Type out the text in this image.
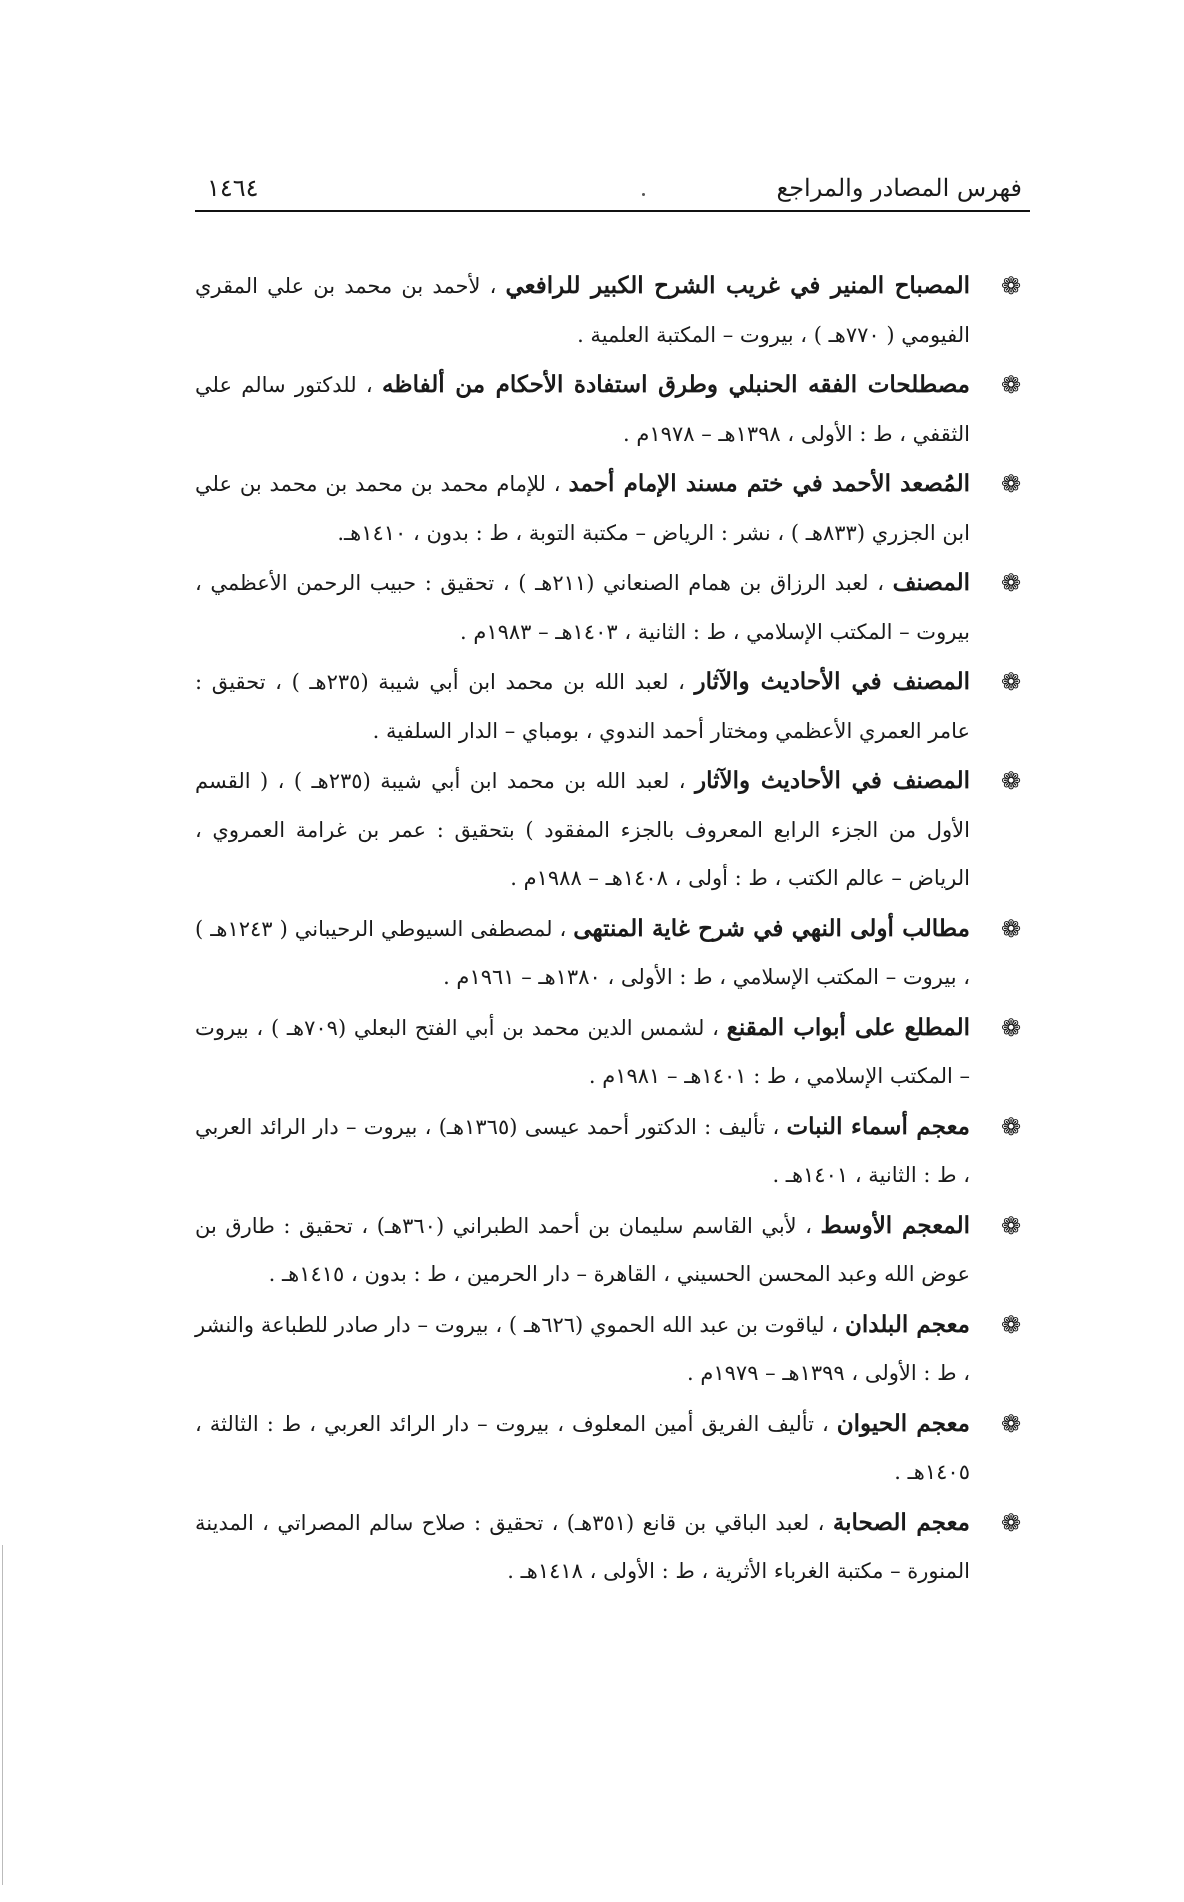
فهرس المصادر والمراجع
١٤٦٤
❁
المصباح المنير في غريب الشرح الكبير للرافعي ، لأحمد بن محمد بن علي المقري الفيومي ( ٧٧٠هـ ) ، بيروت – المكتبة العلمية .
❁
مصطلحات الفقه الحنبلي وطرق استفادة الأحكام من ألفاظه ، للدكتور سالم علي الثقفي ، ط : الأولى ، ١٣٩٨هـ – ١٩٧٨م .
❁
المُصعد الأحمد في ختم مسند الإمام أحمد ، للإمام محمد بن محمد بن محمد بن علي ابن الجزري (٨٣٣هـ ) ، نشر : الرياض – مكتبة التوبة ، ط : بدون ، ١٤١٠هـ.
❁
المصنف ، لعبد الرزاق بن همام الصنعاني (٢١١هـ ) ، تحقيق : حبيب الرحمن الأعظمي ، بيروت – المكتب الإسلامي ، ط : الثانية ، ١٤٠٣هـ – ١٩٨٣م .
❁
المصنف في الأحاديث والآثار ، لعبد الله بن محمد ابن أبي شيبة (٢٣٥هـ ) ، تحقيق : عامر العمري الأعظمي ومختار أحمد الندوي ، بومباي – الدار السلفية .
❁
المصنف في الأحاديث والآثار ، لعبد الله بن محمد ابن أبي شيبة (٢٣٥هـ ) ، ( القسم الأول من الجزء الرابع المعروف بالجزء المفقود ) بتحقيق : عمر بن غرامة العمروي ، الرياض – عالم الكتب ، ط : أولى ، ١٤٠٨هـ – ١٩٨٨م .
❁
مطالب أولى النهي في شرح غاية المنتهى ، لمصطفى السيوطي الرحيباني ( ١٢٤٣هـ ) ، بيروت – المكتب الإسلامي ، ط : الأولى ، ١٣٨٠هـ – ١٩٦١م .
❁
المطلع على أبواب المقنع ، لشمس الدين محمد بن أبي الفتح البعلي (٧٠٩هـ ) ، بيروت – المكتب الإسلامي ، ط : ١٤٠١هـ – ١٩٨١م .
❁
معجم أسماء النبات ، تأليف : الدكتور أحمد عيسى (١٣٦٥هـ) ، بيروت – دار الرائد العربي ، ط : الثانية ، ١٤٠١هـ .
❁
المعجم الأوسط ، لأبي القاسم سليمان بن أحمد الطبراني (٣٦٠هـ) ، تحقيق : طارق بن عوض الله وعبد المحسن الحسيني ، القاهرة – دار الحرمين ، ط : بدون ، ١٤١٥هـ .
❁
معجم البلدان ، لياقوت بن عبد الله الحموي (٦٢٦هـ ) ، بيروت – دار صادر للطباعة والنشر ، ط : الأولى ، ١٣٩٩هـ – ١٩٧٩م .
❁
معجم الحيوان ، تأليف الفريق أمين المعلوف ، بيروت – دار الرائد العربي ، ط : الثالثة ، ١٤٠٥هـ .
❁
معجم الصحابة ، لعبد الباقي بن قانع (٣٥١هـ) ، تحقيق : صلاح سالم المصراتي ، المدينة المنورة – مكتبة الغرباء الأثرية ، ط : الأولى ، ١٤١٨هـ .
